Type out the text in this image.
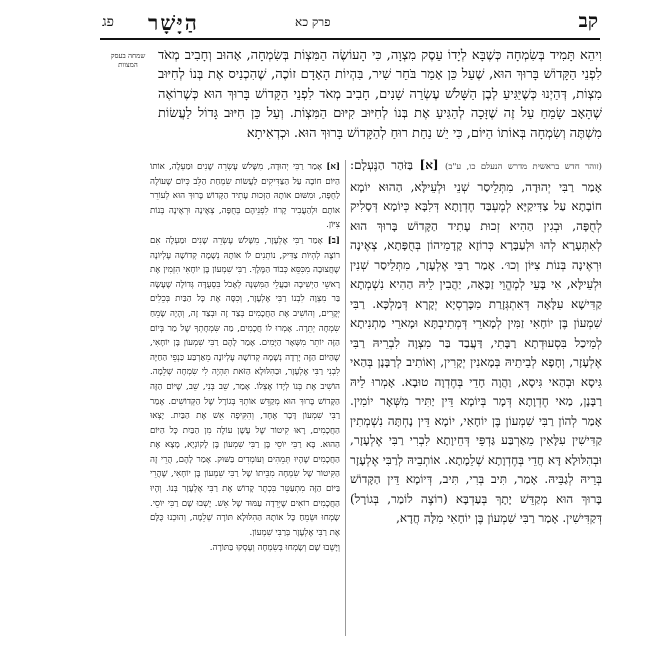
קב
הַיָּשָׁר	פרק כא
פג
שמחה בעסק המצוות

וִיהֵא תָּמִיד בְּשִׂמְחָה כְּשֶׁבָּא לְיָדוֹ עֵסֶק מִצְוָה, כִּי הָעוֹשֶׂה הַמִּצְוֹת בְּשִׂמְחָה, אָהוּב וְחָבִיב מְאֹד לִפְנֵי הַקָּדוֹשׁ בָּרוּךְ הוּא, שֶׁעַל כֵּן אָמַר בֹּחֵר שִׁיר, בִּהְיוֹת הָאָדָם זוֹכֶה, שֶׁהִכְנִיס אֶת בְּנוֹ לְחִיּוּב מִצְוֹת, דְּהַיְנוּ כְּשֶׁיַּגִּיעַ לְבֶן הַשָּׁלשׁ עֶשְׂרֵה שָׁנִים, חָבִיב מְאֹד לִפְנֵי הַקָּדוֹשׁ בָּרוּךְ הוּא כְּשֶׁרוֹאֶה שֶׁהָאָב שָׂמֵחַ עַל זֶה שֶׁזָּכָה לְהַגִּיעַ אֶת בְּנוֹ לְחִיּוּב קִיּוּם הַמִּצְוֹת. וְעַל כֵּן חִיּוּב גָּדוֹל לַעֲשׂוֹת מִשְׁתֶּה וְשִׂמְחָה בְּאוֹתוֹ הַיּוֹם, כִּי יֵשׁ נַחַת רוּחַ לְהַקָּדוֹשׁ בָּרוּךְ הוּא. וּכְדְאִיתָא

(זוהר חדש בראשית מדרש הנעלם כו, ע"ב) [א] בַּזֹּהַר הַנֶּעְלָם: אָמַר רַבִּי יְהוּדָה, מִתְּלֵיסַר שְׁנֵי וּלְעֵילָּא, הַהוּא יוֹמָא חוֹבָתָא עַל צַדִּיקַיָּא לְמֶעְבַּד חֶדְוָתָא דְּלִבָּא כְּיוֹמָא דְּסָלִיק לְחֻפָּה, וּבְגִין הַהִיא זְכוּת עָתִיד הַקָּדוֹשׁ בָּרוּךְ הוּא לְאִתְּעָרָא לְהוּ וּלְעַבָּרָא כְּרוֹזָא קָדָמֵיהוֹן בְּחֻפָּתָא, צְאֶינָה וּרְאֶינָה בְּנוֹת צִיּוֹן וְכוּ׳. אָמַר רַבִּי אֶלְעָזָר, מִתְּלֵיסַר שְׁנִין וּלְעֵילָּא, אִי בָּעֵי לְמֶהֱוֵי זַכָּאָה, יַהֲבִין לֵיהּ הַהִיא נִשְׁמְתָא קַדִּישָׁא עִלָּאָה דְּאִתְגְּזָרַת מִכָּרְסְיָא יְקָרָא דְּמַלְכָּא. רַבִּי שִׁמְעוֹן בֶּן יוֹחָאִי זַמִּין לְמָארֵי דְּמְתִיבְתָּא וּמָארֵי מַתְנִיתָא לְמֵיכַל בִּסְעוּדְתָא רַבָּתִי, דַּעֲבַד בַּר מִצְוָה לִבְרֵיהּ רַבִּי אֶלְעָזָר, וְחָפָא לְבֵיתֵיהּ בְּמָאנִין יְקָרִין, וְאוֹתִיב לְרַבָּנָן בְּהַאי גִּיסָא וּבְהַאי גִּיסָא, וַהֲוָה חָדֵי בְּחֶדְוָה טוּבָא. אָמְרוּ לֵיהּ רַבָּנָן, מַאי חֶדְוָתָא דְּמָר בְּיוֹמָא דֵּין יַתִּיר מִשְּׁאָר יוֹמִין. אָמַר לְהוֹן רַבִּי שִׁמְעוֹן בֶּן יוֹחָאִי, יוֹמָא דֵּין נָחְתָּה נִשְׁמְתִין קַדִּישִׁין עִלָּאִין מֵאַרְבַּע גַּדְפֵּי דְּחֵיוָתָא לִבְרִי רַבִּי אֶלְעָזָר, וּבְהִלּוּלָא דָּא חֲדֵי בְּחֶדְוָתָא שְׁלֵמָתָא. אוֹתְבֵיהּ לְרַבִּי אֶלְעָזָר בְּרֵיהּ לְגַבֵּיהּ. אָמַר, תִּיב בְּרִי, תִּיב, דְּיוֹמָא דֵּין הַקָּדוֹשׁ בָּרוּךְ הוּא מְקַדֵּשׁ יָתָךְ בְּעַדְבָּא (רוֹצֶה לוֹמַר, בְּגוֹרָל) דְּקַדִּישִׁין. אָמַר רַבִּי שִׁמְעוֹן בֶּן יוֹחָאִי מִלָּה חֲדָא,

[א] אָמַר רַבִּי יְהוּדָה, מִשָּׁלשׁ עֶשְׂרֵה שָׁנִים וּמַעְלָה, אוֹתוֹ הַיּוֹם חוֹבָה עַל הַצַּדִּיקִים לַעֲשׂוֹת שִׂמְחַת הַלֵּב כְּיוֹם שֶׁעוֹלֶה לַחֻפָּה, וּמִשּׁוּם אוֹתָהּ הַזְּכוּת עָתִיד הַקָּדוֹשׁ בָּרוּךְ הוּא לְעוֹרֵר אוֹתָם וּלְהַעֲבִיר קָרוֹז לִפְנֵיהֶם בְּחֻפָּה, צְאֶינָה וּרְאֶינָה בְּנוֹת צִיּוֹן.

[ב] אָמַר רַבִּי אֶלְעָזָר, מִשָּׁלשׁ עֶשְׂרֵה שָׁנִים וּמַעְלָה אִם רוֹצֶה לְהְיוֹת צַדִּיק, נוֹתְנִים לוֹ אוֹתָהּ נְשָׁמָה קְדוֹשָׁה עֶלְיוֹנָה שֶׁחֲצוּבָה מִכִּסֵּא כְּבוֹד הַמֶּלֶךְ. רַבִּי שִׁמְעוֹן בֶּן יוֹחָאִי הִזְמִין אֶת רָאשֵׁי הַיְשִׁיבָה וּבַעֲלֵי הַמִּשְׁנָה לְאָכֹל בִּסְעֻדָּה גְּדוֹלָה שֶׁעָשָׂה בַּר מִצְוָה לִבְנוֹ רַבִּי אֶלְעָזָר, וְכִסָּה אֶת כָּל הַבַּיִת בְּכֵלִים יְקָרִים, וְהוֹשִׁיב אֶת הַחֲכָמִים בְּצַד זֶה וּבְצַד זֶה, וְהָיָה שָׂמֵחַ שִׂמְחָה יְתֵרָה. אָמְרוּ לוֹ חֲכָמִים, מַה שִּׂמְחָתְךָ שֶׁל מַר בְּיוֹם הַזֶּה יוֹתֵר מִשְּׁאָר הַיָּמִים. אָמַר לָהֶם רַבִּי שִׁמְעוֹן בֶּן יוֹחָאִי, שֶׁהַיּוֹם הַזֶּה יָרְדָה נְשָׁמָה קְדוֹשָׁה עֶלְיוֹנָה מֵאַרְבַּע כַּנְפֵי הַחַיָּה לִבְנִי רַבִּי אֶלְעָזָר, וּבַהִלּוּלָא הַזֹּאת תִּהְיֶה לִי שִׂמְחָה שְׁלֵמָה. הוֹשִׁיב אֶת בְּנוֹ לְיָדוֹ אֶצְלוֹ. אָמַר, שֵׁב בְּנִי, שֵׁב, שֶׁיּוֹם הַזֶּה הַקָּדוֹשׁ בָּרוּךְ הוּא מְקַדֵּשׁ אוֹתְךָ בְּגוֹרָל שֶׁל הַקְּדוֹשִׁים. אָמַר רַבִּי שִׁמְעוֹן דָּבָר אֶחָד, וְהִקִּיפָה אֵשׁ אֶת הַבַּיִת. יָצְאוּ הַחֲכָמִים, רָאוּ קִיטוֹר שֶׁל עָשָׁן עוֹלֶה מִן הַבַּיִת כָּל הַיּוֹם הַהוּא. בָּא רַבִּי יוֹסֵי בֶּן רַבִּי שִׁמְעוֹן בֶּן לָקוֹנְיָא, מָצָא אֶת הַחֲכָמִים שֶׁהָיוּ תְּמֵהִים וְעוֹמְדִים בַּשּׁוּק. אָמַר לָהֶם, הֲרֵי זֶה הַקִּיטוֹר שֶׁל שִׂמְחָה מִבֵּיתוֹ שֶׁל רַבִּי שִׁמְעוֹן בֶּן יוֹחָאִי, שֶׁהֲרֵי בַּיּוֹם הַזֶּה מִתְעַטֵּר בִּכְתֶר קָדוֹשׁ אֶת רַבִּי אֶלְעָזָר בְּנוֹ. וְהָיוּ הַחֲכָמִים רוֹאִים שֶׁיְּרֵדָה עַמּוּד שֶׁל אֵשׁ. יָשְׁבוּ שָׁם רַבִּי יוֹסֵי. שָׂמְחוּ וּשְׂמֵחַ כָּל אוֹתָהּ הַהִלּוּלָא תּוֹרָה שְׁלֵמָה, וְהוּכְנוּ כֻּלָּם אֶת רַבִּי אֶלְעָזָר בְּרַבִּי שִׁמְעוֹן.

וְיָשְׁבוּ שָׁם וְשָׂמְחוּ בְּשִׂמְחָה וְעָסְקוּ בַּתּוֹרָה.
